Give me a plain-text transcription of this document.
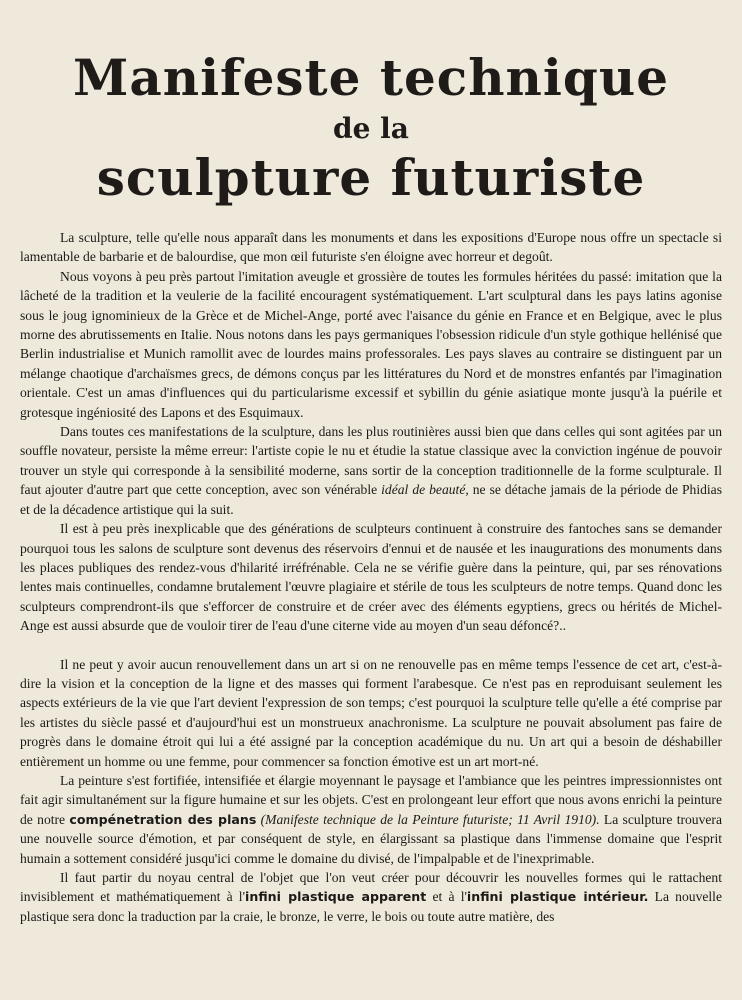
Manifeste technique
de la
sculpture futuriste

La sculpture, telle qu'elle nous apparaît dans les monuments et dans les expositions d'Europe nous offre un spectacle si lamentable de barbarie et de balourdise, que mon œil futuriste s'en éloigne avec horreur et degoût.

Nous voyons à peu près partout l'imitation aveugle et grossière de toutes les formules héritées du passé: imitation que la lâcheté de la tradition et la veulerie de la facilité encouragent systématiquement. L'art sculptural dans les pays latins agonise sous le joug ignominieux de la Grèce et de Michel-Ange, porté avec l'aisance du génie en France et en Belgique, avec le plus morne des abrutissements en Italie. Nous notons dans les pays germaniques l'obsession ridicule d'un style gothique hellénisé que Berlin industrialise et Munich ramollit avec de lourdes mains professorales. Les pays slaves au contraire se distinguent par un mélange chaotique d'archaïsmes grecs, de démons conçus par les littératures du Nord et de monstres enfantés par l'imagination orientale. C'est un amas d'influences qui du particularisme excessif et sybillin du génie asiatique monte jusqu'à la puérile et grotesque ingéniosité des Lapons et des Esquimaux.

Dans toutes ces manifestations de la sculpture, dans les plus routinières aussi bien que dans celles qui sont agitées par un souffle novateur, persiste la même erreur: l'artiste copie le nu et étudie la statue classique avec la conviction ingénue de pouvoir trouver un style qui corresponde à la sensibilité moderne, sans sortir de la conception traditionnelle de la forme sculpturale. Il faut ajouter d'autre part que cette conception, avec son vénérable idéal de beauté, ne se détache jamais de la période de Phidias et de la décadence artistique qui la suit.

Il est à peu près inexplicable que des générations de sculpteurs continuent à construire des fantoches sans se demander pourquoi tous les salons de sculpture sont devenus des réservoirs d'ennui et de nausée et les inaugurations des monuments dans les places publiques des rendez-vous d'hilarité irréfrénable. Cela ne se vérifie guère dans la peinture, qui, par ses rénovations lentes mais continuelles, condamne brutalement l'œuvre plagiaire et stérile de tous les sculpteurs de notre temps. Quand donc les sculpteurs comprendront-ils que s'efforcer de construire et de créer avec des éléments egyptiens, grecs ou hérités de Michel-Ange est aussi absurde que de vouloir tirer de l'eau d'une citerne vide au moyen d'un seau défoncé?..

Il ne peut y avoir aucun renouvellement dans un art si on ne renouvelle pas en même temps l'essence de cet art, c'est-à-dire la vision et la conception de la ligne et des masses qui forment l'arabesque. Ce n'est pas en reproduisant seulement les aspects extérieurs de la vie que l'art devient l'expression de son temps; c'est pourquoi la sculpture telle qu'elle a été comprise par les artistes du siècle passé et d'aujourd'hui est un monstrueux anachronisme. La sculpture ne pouvait absolument pas faire de progrès dans le domaine étroit qui lui a été assigné par la conception académique du nu. Un art qui a besoin de déshabiller entièrement un homme ou une femme, pour commencer sa fonction émotive est un art mort-né.

La peinture s'est fortifiée, intensifiée et élargie moyennant le paysage et l'ambiance que les peintres impressionnistes ont fait agir simultanément sur la figure humaine et sur les objets. C'est en prolongeant leur effort que nous avons enrichi la peinture de notre compénetration des plans (Manifeste technique de la Peinture futuriste; 11 Avril 1910). La sculpture trouvera une nouvelle source d'émotion, et par conséquent de style, en élargissant sa plastique dans l'immense domaine que l'esprit humain a sottement considéré jusqu'ici comme le domaine du divisé, de l'impalpable et de l'inexprimable.

Il faut partir du noyau central de l'objet que l'on veut créer pour découvrir les nouvelles formes qui le rattachent invisiblement et mathématiquement à l'infini plastique apparent et à l'infini plastique intérieur. La nouvelle plastique sera donc la traduction par la craie, le bronze, le verre, le bois ou toute autre matière, des
